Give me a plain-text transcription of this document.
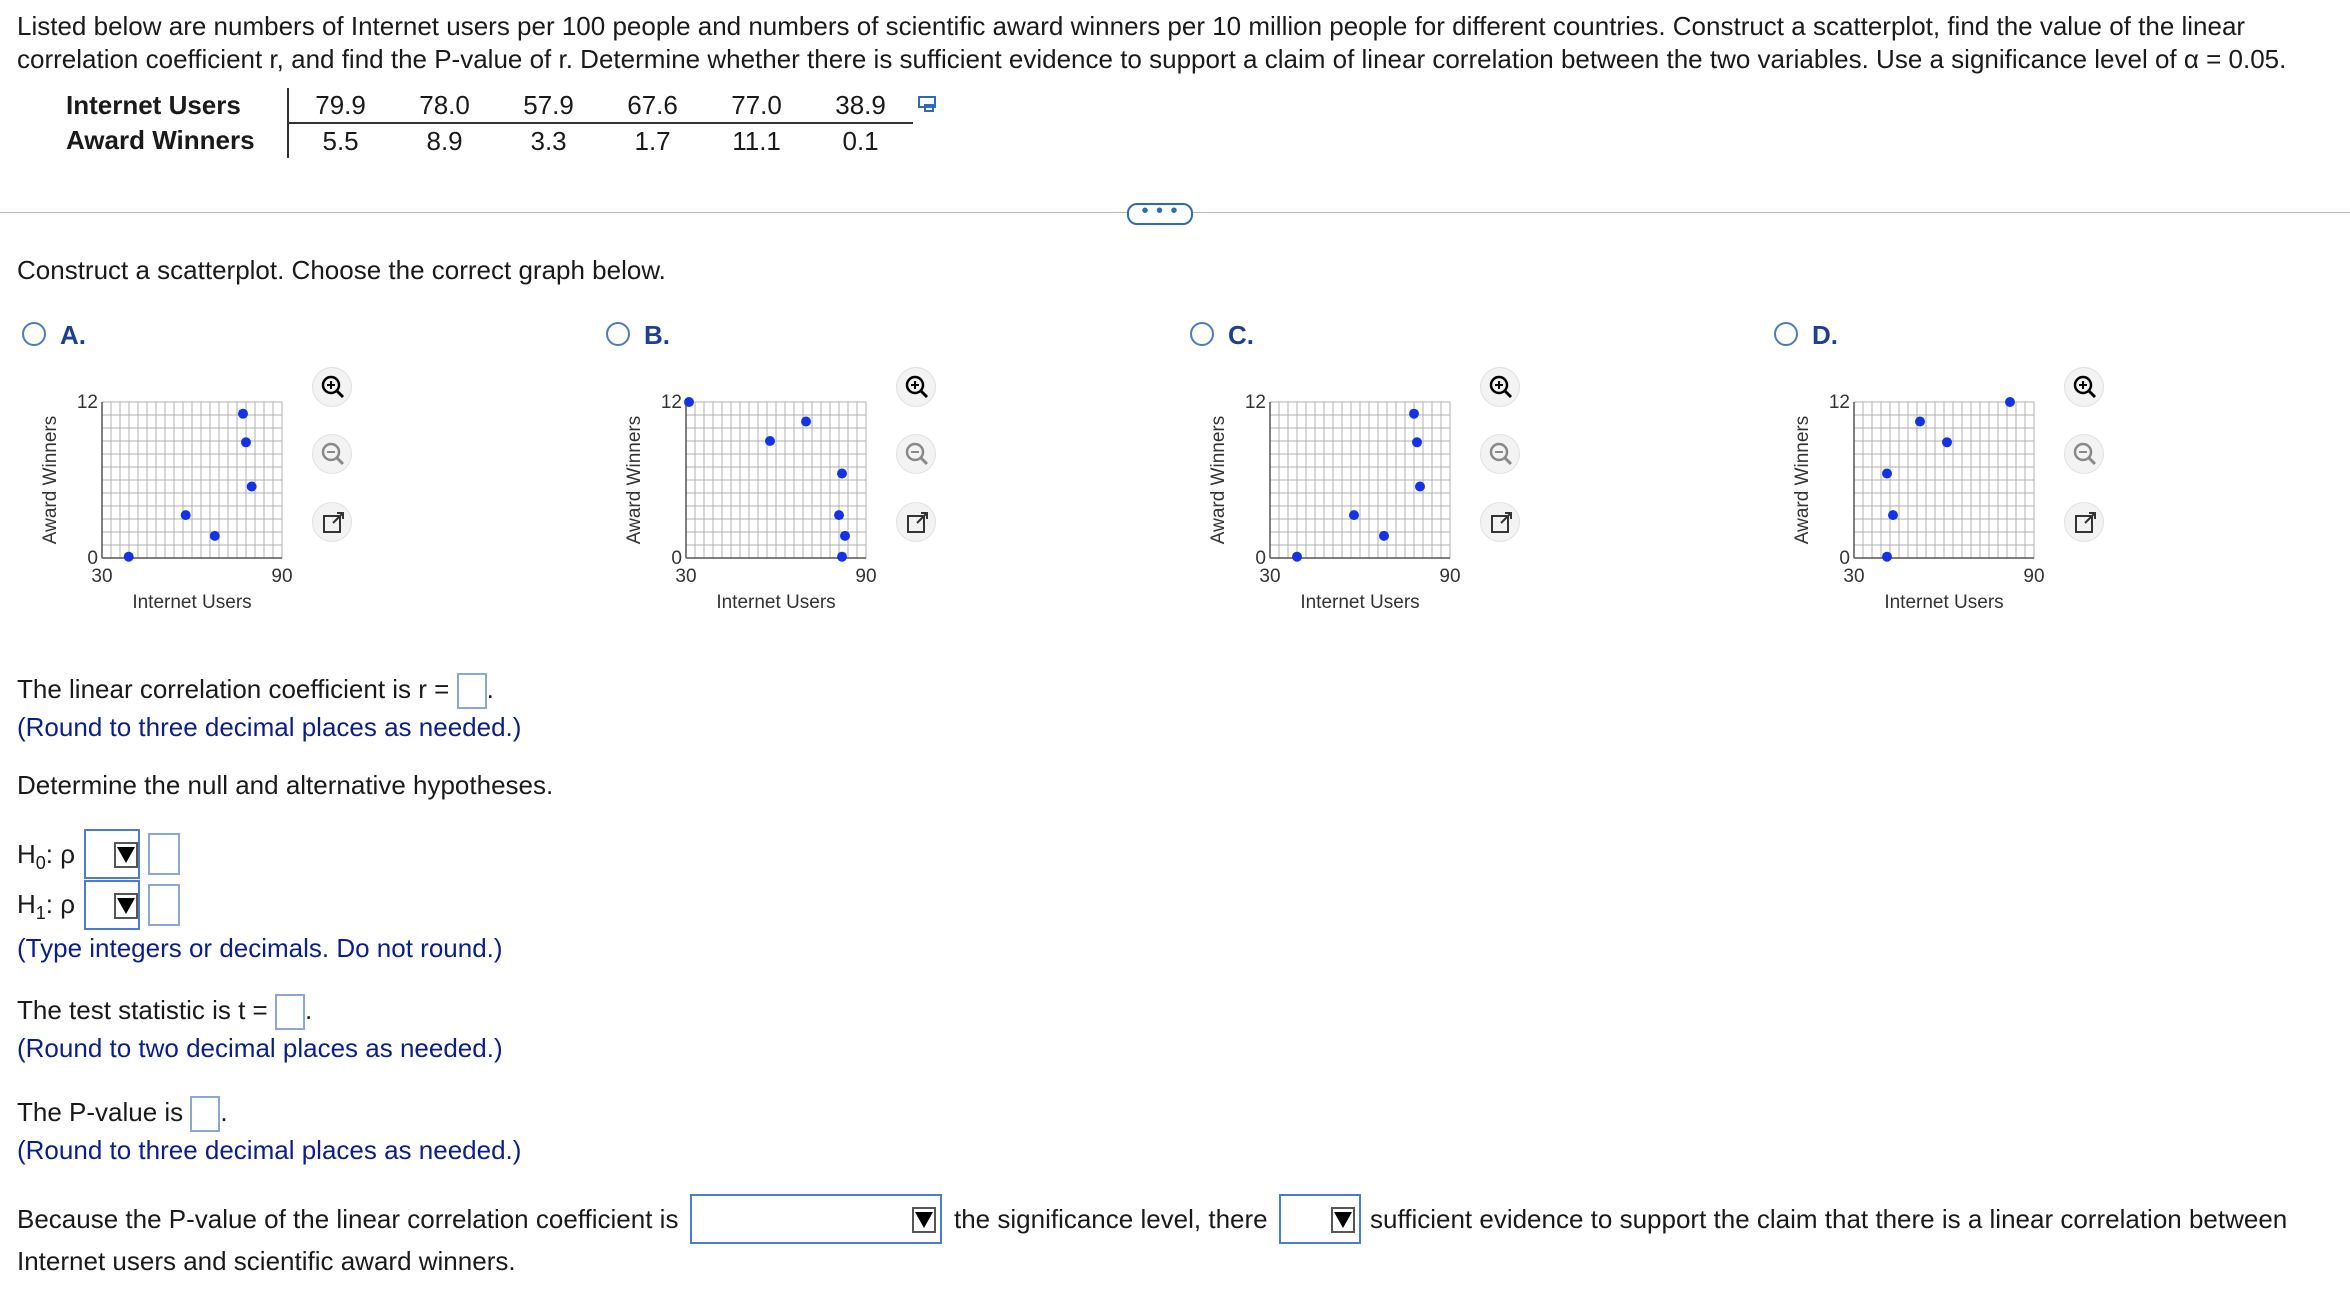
Listed below are numbers of Internet users per 100 people and numbers of scientific award winners per 10 million people for different countries. Construct a scatterplot, find the value of the linear correlation coefficient r, and find the P-value of r. Determine whether there is sufficient evidence to support a claim of linear correlation between the two variables. Use a significance level of α = 0.05.
Internet Users	79.9	78.0	57.9	67.6	77.0	38.9
Award Winners	5.5	8.9	3.3	1.7	11.1	0.1
• • •
Construct a scatterplot. Choose the correct graph below.
A.
12
0
30	90
Internet Users
Award Winners
B.
12
0
30	90
Internet Users
Award Winners
C.
12
0
30	90
Internet Users
Award Winners
D.
12
0
30	90
Internet Users
Award Winners
The linear correlation coefficient is r = .
(Round to three decimal places as needed.)
Determine the null and alternative hypotheses.
$H_0$: ρ
$H_1$: ρ
(Type integers or decimals. Do not round.)
The test statistic is t = .
(Round to two decimal places as needed.)
The P-value is .
(Round to three decimal places as needed.)
Because the P-value of the linear correlation coefficient is	the significance level, there	sufficient evidence to support the claim that there is a linear correlation between
Internet users and scientific award winners.
